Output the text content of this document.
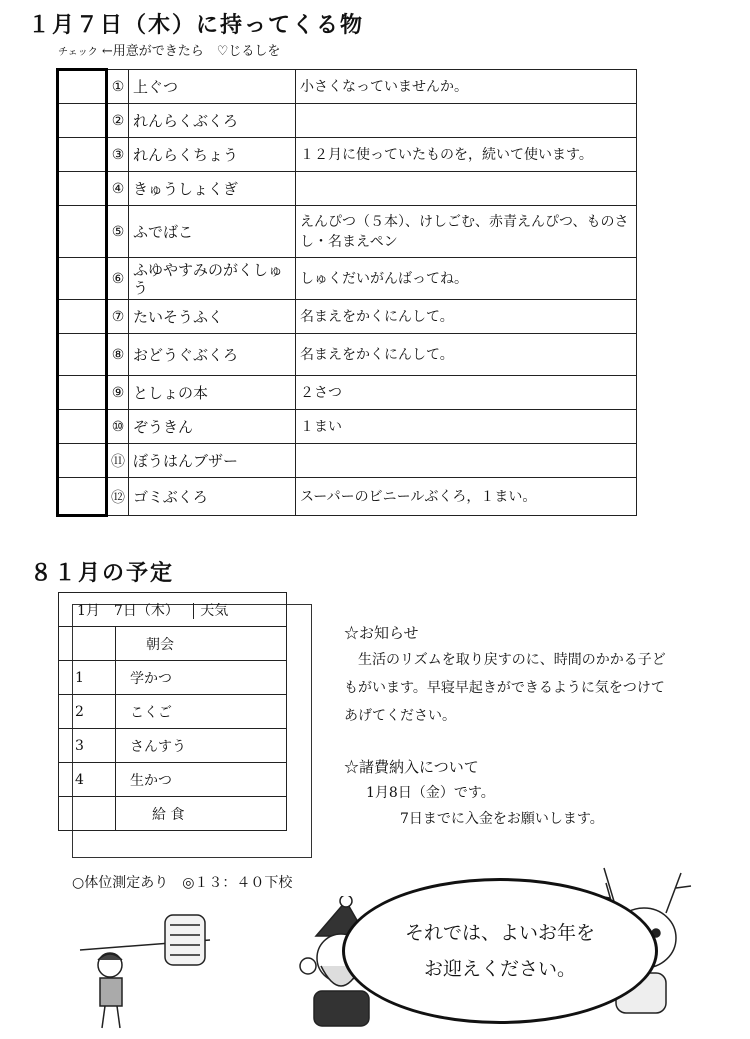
１月７日（木）に持ってくる物
チェック ←用意ができたら　♡じるしを
	①	上ぐつ	小さくなっていませんか。
	②	れんらくぶくろ	
	③	れんらくちょう	１２月に使っていたものを，続いて使います。
	④	きゅうしょくぎ	
	⑤	ふでばこ	えんぴつ（５本）、けしごむ、赤青えんぴつ、ものさし・名まえペン
	⑥	ふゆやすみのがくしゅう	しゅくだいがんばってね。
	⑦	たいそうふく	名まえをかくにんして。
	⑧	おどうぐぶくろ	名まえをかくにんして。
	⑨	としょの本	２さつ
	⑩	ぞうきん	１まい
	⑪	ぼうはんブザー	
	⑫	ゴミぶくろ	スーパーのビニールぶくろ，１まい。
８１月の予定
1月　7日（木） 天気	
	朝会
1	学かつ
2	こくご
3	さんすう
4	生かつ
	給 食
○体位測定あり　◎１３：４０下校

☆お知らせ

生活のリズムを取り戻すのに、時間のかかる子どもがいます。早寝早起きができるように気をつけてあげてください。

☆諸費納入について

1月8日（金）です。

7日までに入金をお願いします。

それでは、よいお年を
お迎えください。
